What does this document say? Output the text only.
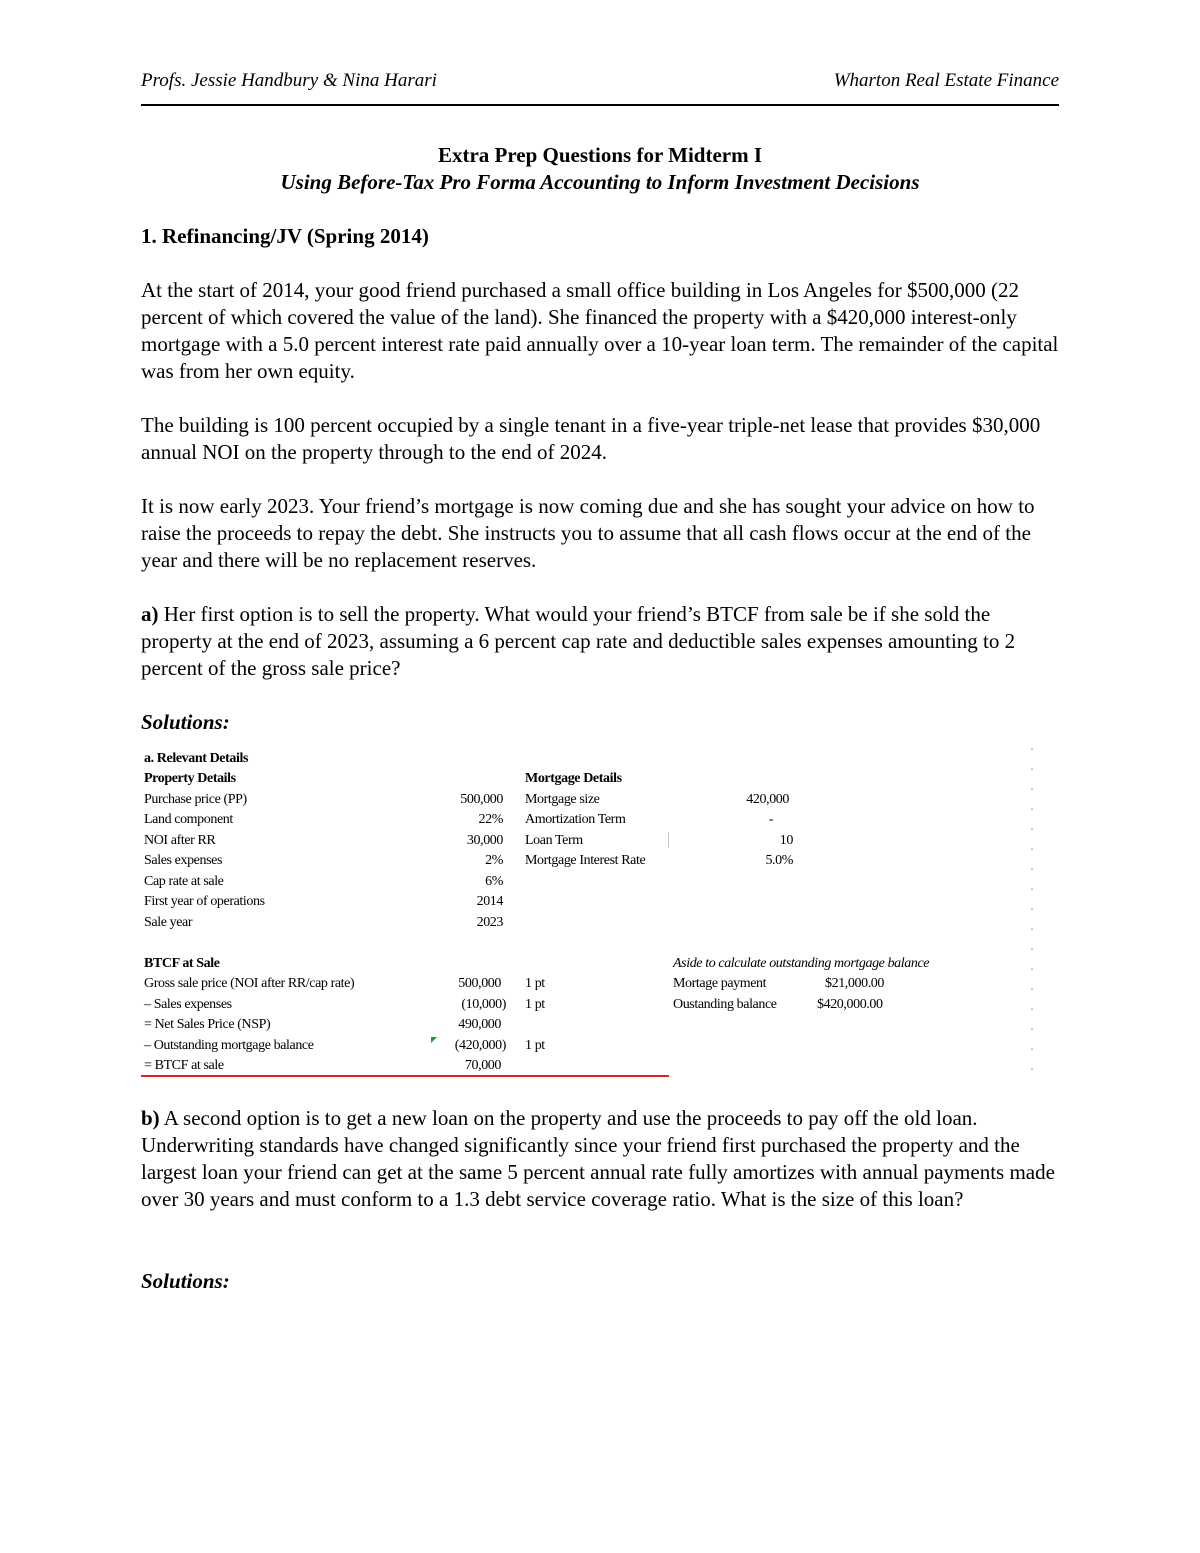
Profs. Jessie Handbury & Nina Harari	Wharton Real Estate Finance
Extra Prep Questions for Midterm I
Using Before-Tax Pro Forma Accounting to Inform Investment Decisions
1. Refinancing/JV (Spring 2014)
At the start of 2014, your good friend purchased a small office building in Los Angeles for $500,000 (22 percent of which covered the value of the land). She financed the property with a $420,000 interest-only mortgage with a 5.0 percent interest rate paid annually over a 10-year loan term. The remainder of the capital was from her own equity.
The building is 100 percent occupied by a single tenant in a five-year triple-net lease that provides $30,000 annual NOI on the property through to the end of 2024.
It is now early 2023. Your friend’s mortgage is now coming due and she has sought your advice on how to raise the proceeds to repay the debt. She instructs you to assume that all cash flows occur at the end of the year and there will be no replacement reserves.
a) Her first option is to sell the property. What would your friend’s BTCF from sale be if she sold the property at the end of 2023, assuming a 6 percent cap rate and deductible sales expenses amounting to 2 percent of the gross sale price?
Solutions:
a. Relevant Details
Property Details
Purchase price (PP)	500,000
Land component	22%
NOI after RR	30,000
Sales expenses	2%
Cap rate at sale	6%
First year of operations	2014
Sale year	2023
Mortgage Details
Mortgage size	420,000
Amortization Term	-
Loan Term	10
Mortgage Interest Rate	5.0%
BTCF at Sale
Gross sale price (NOI after RR/cap rate)	500,000 1 pt
– Sales expenses	(10,000) 1 pt
= Net Sales Price (NSP)	490,000
– Outstanding mortgage balance	(420,000) 1 pt
= BTCF at sale	70,000
Aside to calculate outstanding mortgage balance
Mortage payment	$21,000.00
Oustanding balance	$420,000.00
b) A second option is to get a new loan on the property and use the proceeds to pay off the old loan. Underwriting standards have changed significantly since your friend first purchased the property and the largest loan your friend can get at the same 5 percent annual rate fully amortizes with annual payments made over 30 years and must conform to a 1.3 debt service coverage ratio. What is the size of this loan?
Solutions:
